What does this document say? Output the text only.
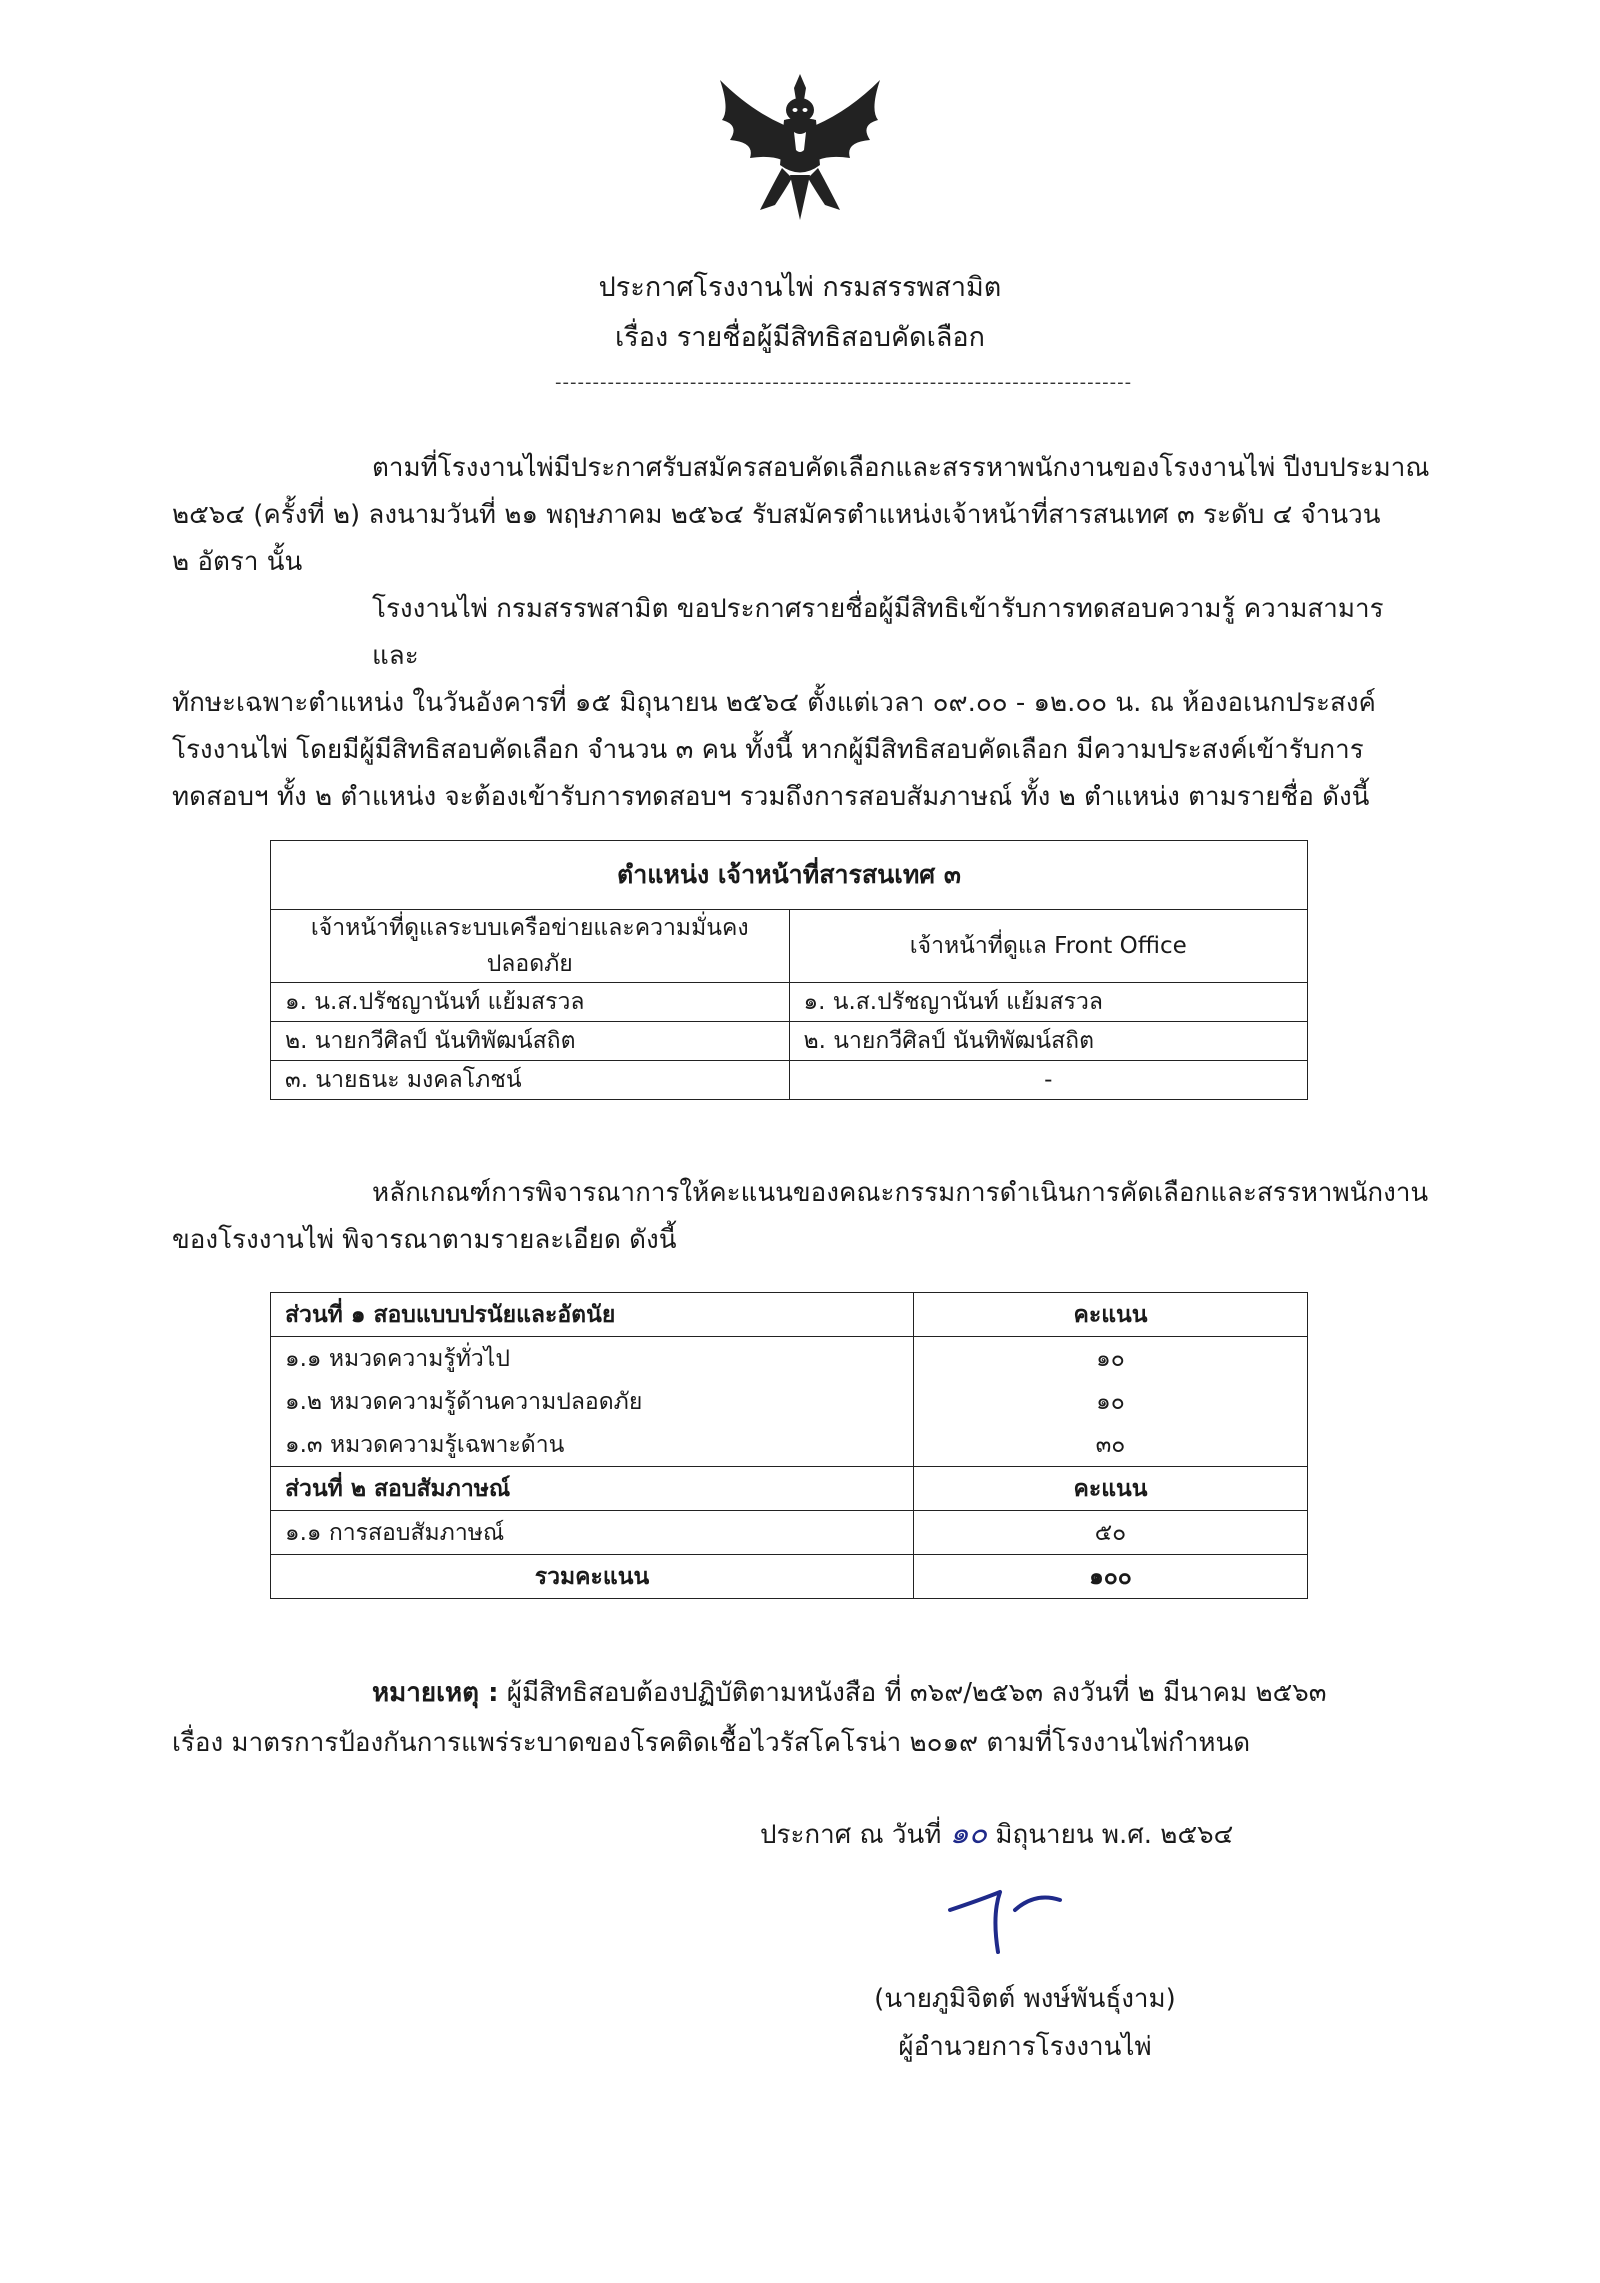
ประกาศโรงงานไพ่ กรมสรรพสามิต
เรื่อง รายชื่อผู้มีสิทธิสอบคัดเลือก
-----------------------------------------------------------------------------

ตามที่โรงงานไพ่มีประกาศรับสมัครสอบคัดเลือกและสรรหาพนักงานของโรงงานไพ่ ปีงบประมาณ

๒๕๖๔ (ครั้งที่ ๒) ลงนามวันที่ ๒๑ พฤษภาคม ๒๕๖๔ รับสมัครตำแหน่งเจ้าหน้าที่สารสนเทศ ๓ ระดับ ๔ จำนวน

๒ อัตรา นั้น

โรงงานไพ่ กรมสรรพสามิต ขอประกาศรายชื่อผู้มีสิทธิเข้ารับการทดสอบความรู้ ความสามารและ

ทักษะเฉพาะตำแหน่ง ในวันอังคารที่ ๑๕ มิถุนายน ๒๕๖๔ ตั้งแต่เวลา ๐๙.๐๐ - ๑๒.๐๐ น. ณ ห้องอเนกประสงค์

โรงงานไพ่ โดยมีผู้มีสิทธิสอบคัดเลือก จำนวน ๓ คน ทั้งนี้ หากผู้มีสิทธิสอบคัดเลือก มีความประสงค์เข้ารับการ

ทดสอบฯ ทั้ง ๒ ตำแหน่ง จะต้องเข้ารับการทดสอบฯ รวมถึงการสอบสัมภาษณ์ ทั้ง ๒ ตำแหน่ง ตามรายชื่อ ดังนี้

ตำแหน่ง เจ้าหน้าที่สารสนเทศ ๓	
เจ้าหน้าที่ดูแลระบบเครือข่ายและความมั่นคงปลอดภัย	เจ้าหน้าที่ดูแล Front Office
๑. น.ส.ปรัชญานันท์ แย้มสรวล	๑. น.ส.ปรัชญานันท์ แย้มสรวล
๒. นายกวีศิลป์ นันทิพัฒน์สถิต	๒. นายกวีศิลป์ นันทิพัฒน์สถิต
๓. นายธนะ มงคลโภชน์	-

หลักเกณฑ์การพิจารณาการให้คะแนนของคณะกรรมการดำเนินการคัดเลือกและสรรหาพนักงาน

ของโรงงานไพ่ พิจารณาตามรายละเอียด ดังนี้

ส่วนที่ ๑ สอบแบบปรนัยและอัตนัย	คะแนน
๑.๑ หมวดความรู้ทั่วไป	๑๐
๑.๒ หมวดความรู้ด้านความปลอดภัย	๑๐
๑.๓ หมวดความรู้เฉพาะด้าน	๓๐
ส่วนที่ ๒ สอบสัมภาษณ์	คะแนน
๑.๑ การสอบสัมภาษณ์	๕๐
รวมคะแนน	๑๐๐
หมายเหตุ : ผู้มีสิทธิสอบต้องปฏิบัติตามหนังสือ ที่ ๓๖๙/๒๕๖๓ ลงวันที่ ๒ มีนาคม ๒๕๖๓
เรื่อง มาตรการป้องกันการแพร่ระบาดของโรคติดเชื้อไวรัสโคโรน่า ๒๐๑๙ ตามที่โรงงานไพ่กำหนด
ประกาศ ณ วันที่ ๑๐ มิถุนายน พ.ศ. ๒๕๖๔
(นายภูมิจิตต์ พงษ์พันธุ์งาม)
ผู้อำนวยการโรงงานไพ่
